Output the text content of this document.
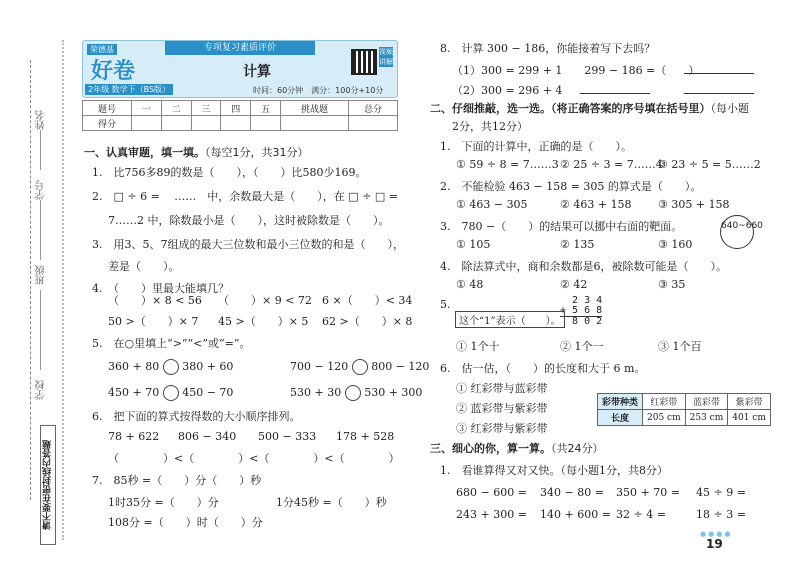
姓名
学号
班级
学校
请不要在密封线内答题
荣德基
好卷
2年级 数学下（BS版）
专项复习素质评价
计算
时间：60分钟　满分：100分+10分
视频讲解
题号	一	二	三	四	五	挑战题	总分
得分							
一、认真审题，填一填。（每空1分，共31分）
1.　比756多89的数是（　　），（　　）比580少169。
2.　□ ÷ 6 =　 ……　中，余数最大是（　　），在 □ ÷ □ =
7……2 中，除数最小是（　　），这时被除数是（　　）。
3.　用3、5、7组成的最大三位数和最小三位数的和是（　　），
差是（　　）。
4.　（　　）里最大能填几？
（　　）× 8 < 56 （　　）× 9 < 72 6 ×（　　）< 34
50 >（　　）× 7 45 >（　　）× 5 62 >（　　）× 8
5.　在○里填上“>”“<”或“=”。
360 + 80 380 + 60	700 − 120 800 − 120
450 + 70 450 − 70	530 + 30 530 + 300
6.　把下面的算式按得数的大小顺序排列。
78 + 622 806 − 340 500 − 333 178 + 528
（　　　　）<（　　　　）<（　　　　）<（　　　　）
7.　85秒 =（　　）分（　　）秒
1时35分 =（　　）分	1分45秒 =（　　）秒
108分 =（　　）时（　　）分
8.　计算 300 − 186，你能接着写下去吗？
（1）300 = 299 + 1　　299 − 186 =（　　）
（2）300 = 296 + 4
二、仔细推敲，选一选。（将正确答案的序号填在括号里）（每小题
2分，共12分）
1.　下面的计算中，正确的是（　　）。
① 59 ÷ 8 = 7……3 ② 25 ÷ 3 = 7……4
③ 23 ÷ 5 = 5……2
2.　不能检验 463 − 158 = 305 的算式是（　　）。
① 463 − 305	② 463 + 158 ③ 305 + 158
3.　780 −（　　）的结果可以挪中右面的靶面。	640~660
① 105	② 135	③ 160
4.　除法算式中，商和余数都是6，被除数可能是（　　）。
① 48	② 42	③ 35
5.	2 3 4
+ 5 6 8
8 0 2
这个“1”表示（　　）。
① 1个十	② 1个一	③ 1个百
6.　估一估，（　　）的长度和大于 6 m。
① 红彩带与蓝彩带
② 蓝彩带与紫彩带
③ 红彩带与紫彩带
彩带种类	红彩带	蓝彩带	紫彩带
长度	205 cm	253 cm	401 cm
三、细心的你，算一算。（共24分）
1.　看谁算得又对又快。（每小题1分，共8分）
680 − 600 = 340 − 80 = 350 + 70 = 45 ÷ 9 =
243 + 300 = 140 + 600 = 32 ÷ 4 =	18 ÷ 3 =
●●●●
19
